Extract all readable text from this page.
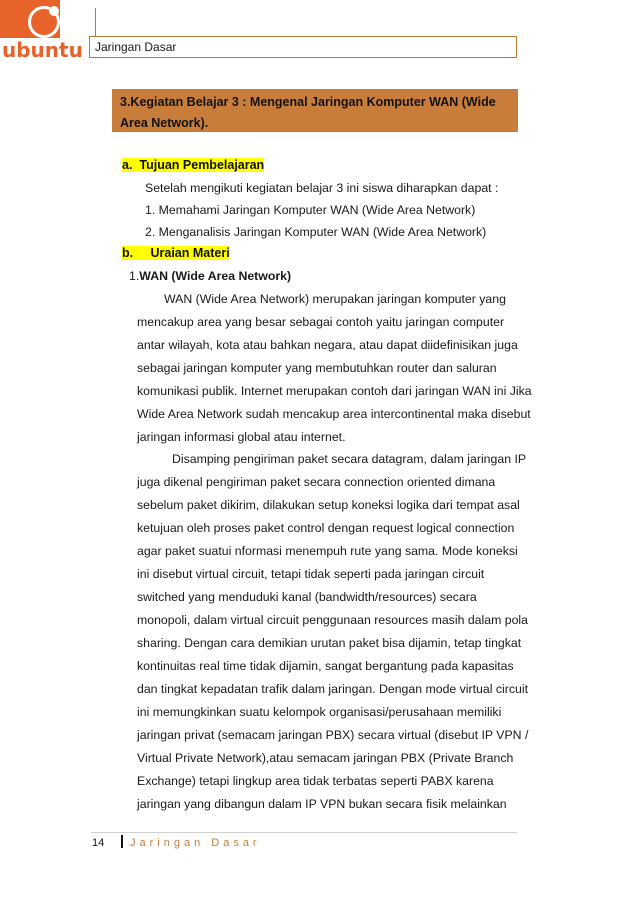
ubuntu Jaringan Dasar
3.Kegiatan Belajar 3 : Mengenal Jaringan Komputer WAN (Wide
Area Network).
a. Tujuan Pembelajaran
Setelah mengikuti kegiatan belajar 3 ini siswa diharapkan dapat :
1. Memahami Jaringan Komputer WAN (Wide Area Network)
2. Menganalisis Jaringan Komputer WAN (Wide Area Network)
b. Uraian Materi
1.WAN (Wide Area Network)
WAN (Wide Area Network) merupakan jaringan komputer yang
mencakup area yang besar sebagai contoh yaitu jaringan computer
antar wilayah, kota atau bahkan negara, atau dapat diidefinisikan juga
sebagai jaringan komputer yang membutuhkan router dan saluran
komunikasi publik. Internet merupakan contoh dari jaringan WAN ini Jika
Wide Area Network sudah mencakup area intercontinental maka disebut
jaringan informasi global atau internet.
Disamping pengiriman paket secara datagram, dalam jaringan IP
juga dikenal pengiriman paket secara connection oriented dimana
sebelum paket dikirim, dilakukan setup koneksi logika dari tempat asal
ketujuan oleh proses paket control dengan request logical connection
agar paket suatui nformasi menempuh rute yang sama. Mode koneksi
ini disebut virtual circuit, tetapi tidak seperti pada jaringan circuit
switched yang menduduki kanal (bandwidth/resources) secara
monopoli, dalam virtual circuit penggunaan resources masih dalam pola
sharing. Dengan cara demikian urutan paket bisa dijamin, tetap tingkat
kontinuitas real time tidak dijamin, sangat bergantung pada kapasitas
dan tingkat kepadatan trafik dalam jaringan. Dengan mode virtual circuit
ini memungkinkan suatu kelompok organisasi/perusahaan memiliki
jaringan privat (semacam jaringan PBX) secara virtual (disebut IP VPN /
Virtual Private Network),atau semacam jaringan PBX (Private Branch
Exchange) tetapi lingkup area tidak terbatas seperti PABX karena
jaringan yang dibangun dalam IP VPN bukan secara fisik melainkan
14 Jaringan Dasar
